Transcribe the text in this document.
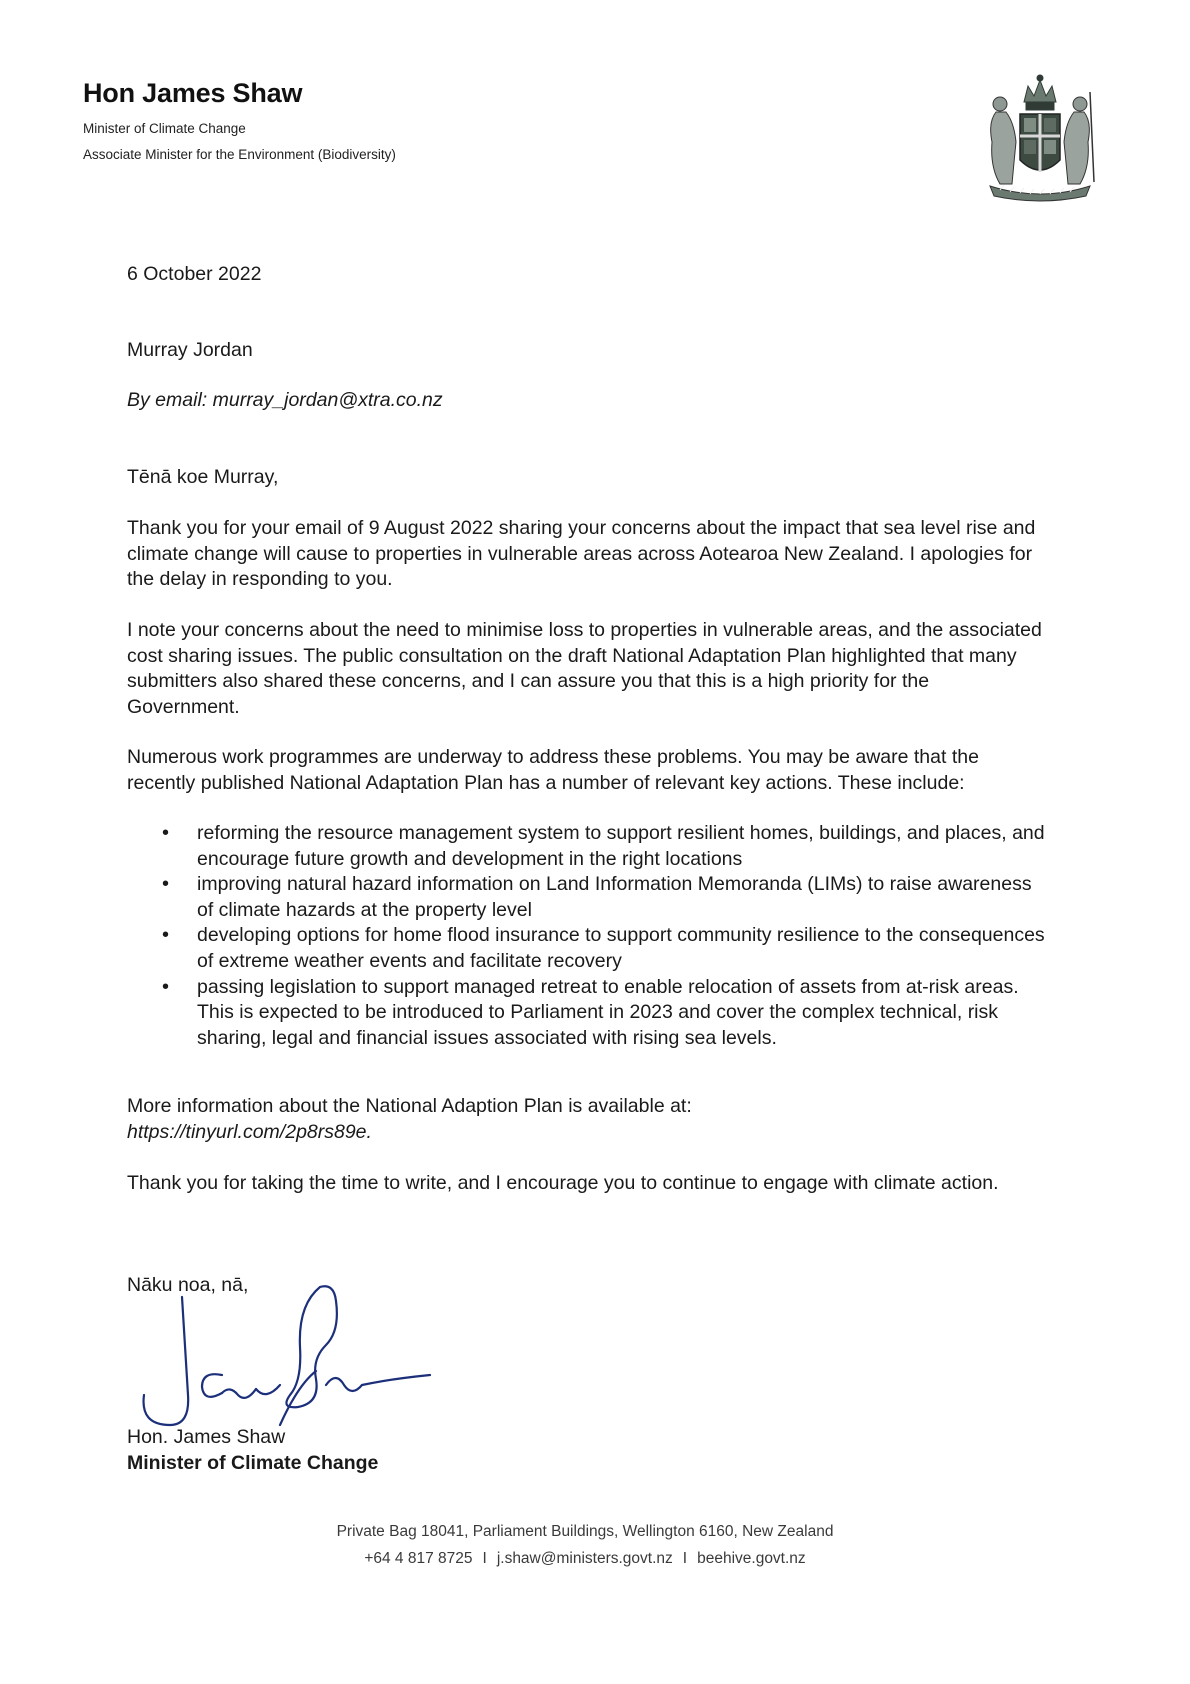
Hon James Shaw
Minister of Climate Change
Associate Minister for the Environment (Biodiversity)
6 October 2022
Murray Jordan
By email: murray_jordan@xtra.co.nz
Tēnā koe Murray,
Thank you for your email of 9 August 2022 sharing your concerns about the impact that sea level rise and climate change will cause to properties in vulnerable areas across Aotearoa New Zealand. I apologies for the delay in responding to you.
I note your concerns about the need to minimise loss to properties in vulnerable areas, and the associated cost sharing issues. The public consultation on the draft National Adaptation Plan highlighted that many submitters also shared these concerns, and I can assure you that this is a high priority for the Government.
Numerous work programmes are underway to address these problems. You may be aware that the recently published National Adaptation Plan has a number of relevant key actions. These include:
• reforming the resource management system to support resilient homes, buildings, and places, and encourage future growth and development in the right locations
• improving natural hazard information on Land Information Memoranda (LIMs) to raise awareness of climate hazards at the property level
• developing options for home flood insurance to support community resilience to the consequences of extreme weather events and facilitate recovery
• passing legislation to support managed retreat to enable relocation of assets from at-risk areas. This is expected to be introduced to Parliament in 2023 and cover the complex technical, risk sharing, legal and financial issues associated with rising sea levels.
More information about the National Adaption Plan is available at:
https://tinyurl.com/2p8rs89e.
Thank you for taking the time to write, and I encourage you to continue to engage with climate action.
Nāku noa, nā,
Hon. James Shaw
Minister of Climate Change
Private Bag 18041, Parliament Buildings, Wellington 6160, New Zealand
+64 4 817 8725 I j.shaw@ministers.govt.nz I beehive.govt.nz
